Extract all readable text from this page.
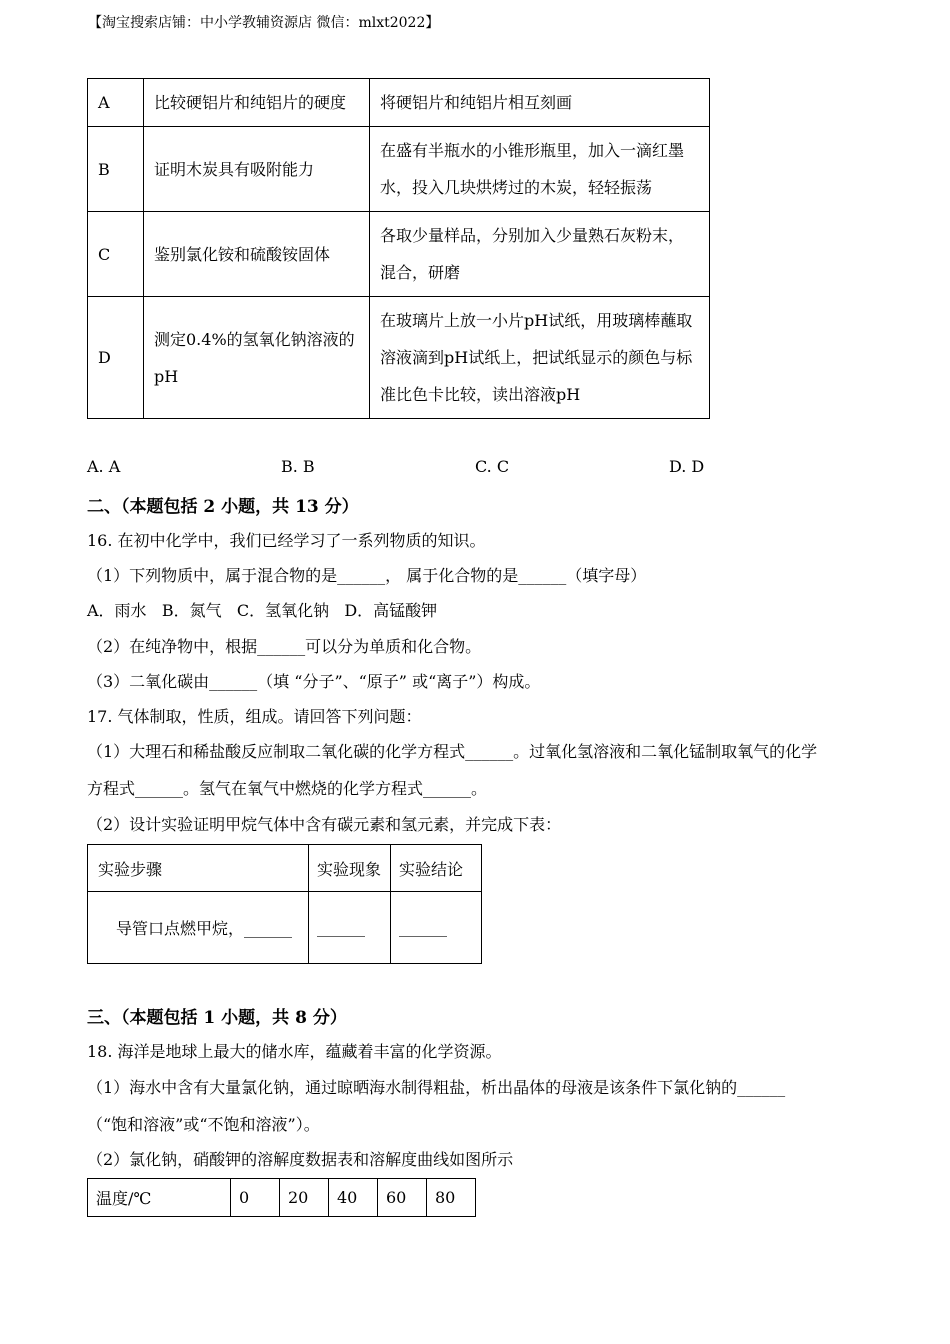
【淘宝搜索店铺：中小学教辅资源店 微信：mlxt2022】
A	比较硬铝片和纯铝片的硬度	将硬铝片和纯铝片相互刻画
B	证明木炭具有吸附能力	在盛有半瓶水的小锥形瓶里，加入一滴红墨水，投入几块烘烤过的木炭，轻轻振荡
C	鉴别氯化铵和硫酸铵固体	各取少量样品，分别加入少量熟石灰粉末，混合，研磨
D	测定0.4%的氢氧化钠溶液的pH	在玻璃片上放一小片pH试纸，用玻璃棒蘸取溶液滴到pH试纸上，把试纸显示的颜色与标准比色卡比较，读出溶液pH
A. A	B. B	C. C	D. D
二、（本题包括 2 小题，共 13 分）
16. 在初中化学中，我们已经学习了一系列物质的知识。
（1）下列物质中，属于混合物的是______， 属于化合物的是______（填字母）
A．雨水   B．氮气   C．氢氧化钠   D．高锰酸钾
（2）在纯净物中，根据______可以分为单质和化合物。
（3）二氧化碳由______（填 “分子”、“原子” 或“离子”）构成。
17. 气体制取，性质，组成。请回答下列问题：
（1）大理石和稀盐酸反应制取二氧化碳的化学方程式______。过氧化氢溶液和二氧化锰制取氧气的化学
方程式______。氢气在氧气中燃烧的化学方程式______。
（2）设计实验证明甲烷气体中含有碳元素和氢元素，并完成下表：
实验步骤	实验现象	实验结论
导管口点燃甲烷，______	______	______
三、（本题包括 1 小题，共 8 分）
18. 海洋是地球上最大的储水库，蕴藏着丰富的化学资源。
（1）海水中含有大量氯化钠，通过晾晒海水制得粗盐，析出晶体的母液是该条件下氯化钠的______
（“饱和溶液”或“不饱和溶液”）。
（2）氯化钠，硝酸钾的溶解度数据表和溶解度曲线如图所示
温度/℃	0	20	40	60	80
